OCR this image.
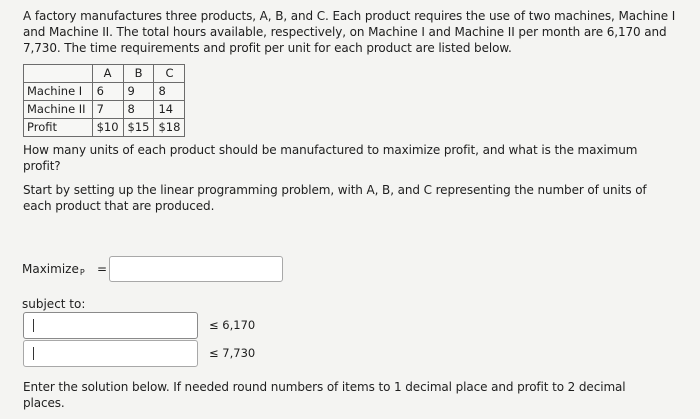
A factory manufactures three products, A, B, and C. Each product requires the use of two machines, Machine I and Machine II. The total hours available, respectively, on Machine I and Machine II per month are 6,170 and 7,730. The time requirements and profit per unit for each product are listed below.
	A	B	C
Machine I	6	9	8
Machine II	7	8	14
Profit	$10	$15	$18
How many units of each product should be manufactured to maximize profit, and what is the maximum profit?
Start by setting up the linear programming problem, with A, B, and C representing the number of units of each product that are produced.
Maximize$_P$ =
subject to:
≤ 6,170
≤ 7,730
Enter the solution below. If needed round numbers of items to 1 decimal place and profit to 2 decimal places.
